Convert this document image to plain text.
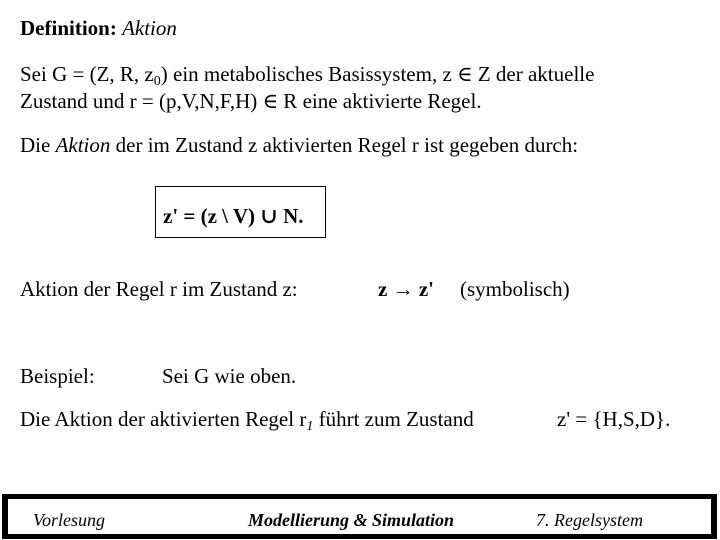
Definition: Aktion
Sei G = (Z, R, $z_0$) ein metabolisches Basissystem, z ∈ Z der aktuelle
Zustand und r = (p,V,N,F,H) ∈ R eine aktivierte Regel.
Die Aktion der im Zustand z aktivierten Regel r ist gegeben durch:
z' = (z \ V) ∪ N.
Aktion der Regel r im Zustand z:	z → z' (symbolisch)
Beispiel:	Sei G wie oben.
Die Aktion der aktivierten Regel $r_1$ führt zum Zustand	z' = {H,S,D}.
Vorlesung	Modellierung & Simulation	7. Regelsystem
